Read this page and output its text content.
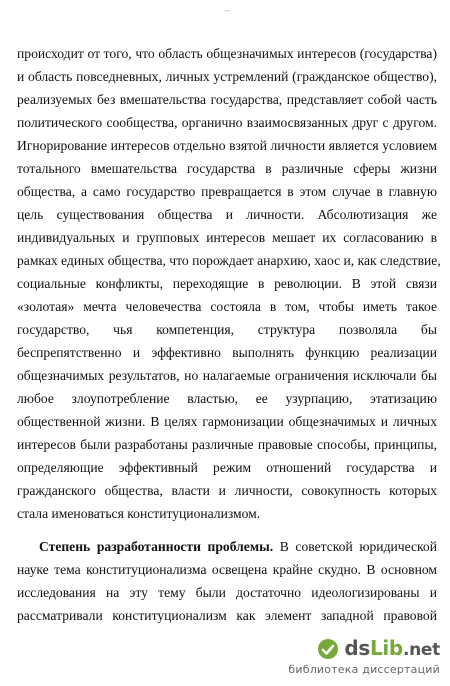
~
происходит от того, что область общезначимых интересов (государства)
и область повседневных, личных устремлений (гражданское общество),
реализуемых без вмешательства государства, представляет собой часть
политического сообщества, органично взаимосвязанных друг с другом.
Игнорирование интересов отдельно взятой личности является условием
тотального вмешательства государства в различные сферы жизни
общества, а само государство превращается в этом случае в главную
цель существования общества и личности. Абсолютизация же
индивидуальных и групповых интересов мешает их согласованию в
рамках единых общества, что порождает анархию, хаос и, как следствие,
социальные конфликты, переходящие в революции. В этой связи
«золотая» мечта человечества состояла в том, чтобы иметь такое
государство, чья компетенция, структура позволяла бы
беспрепятственно и эффективно выполнять функцию реализации
общезначимых результатов, но налагаемые ограничения исключали бы
любое злоупотребление властью, ее узурпацию, этатизацию
общественной жизни. В целях гармонизации общезначимых и личных
интересов были разработаны различные правовые способы, принципы,
определяющие эффективный режим отношений государства и
гражданского общества, власти и личности, совокупность которых
стала именоваться конституционализмом.
Степень разработанности проблемы. В советской юридической
науке тема конституционализма освещена крайне скудно. В основном
исследования на эту тему были достаточно идеологизированы и
рассматривали конституционализм как элемент западной правовой
dsLib.net
библиотека диссертаций
